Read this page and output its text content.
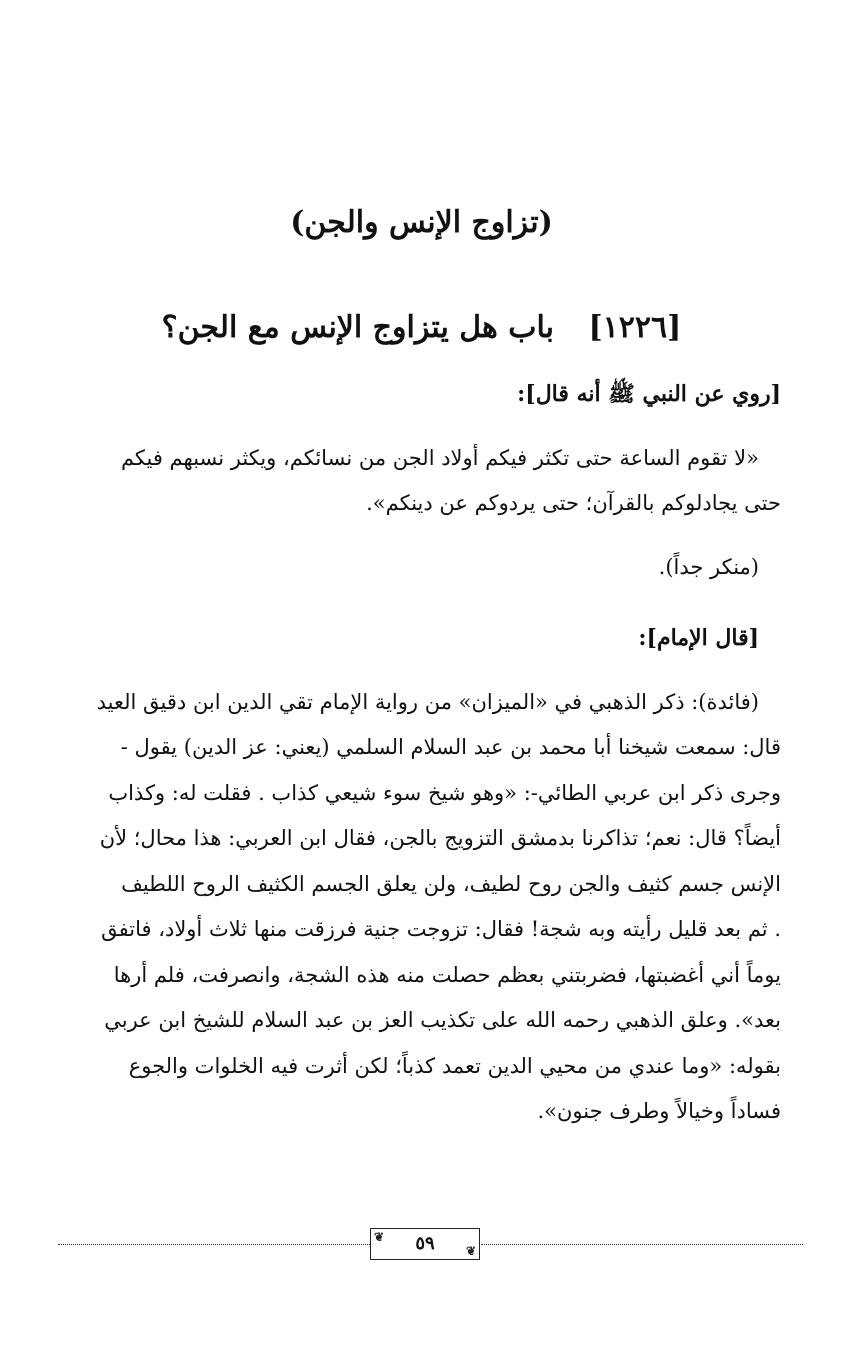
(تزاوج الإنس والجن)
[١٢٢٦] باب هل يتزاوج الإنس مع الجن؟
[روي عن النبي ﷺ أنه قال]:
«لا تقوم الساعة حتى تكثر فيكم أولاد الجن من نسائكم، ويكثر نسبهم فيكم
حتى يجادلوكم بالقرآن؛ حتى يردوكم عن دينكم».
(منكر جداً).
[قال الإمام]:
(فائدة): ذكر الذهبي في «الميزان» من رواية الإمام تقي الدين ابن دقيق العيد
قال: سمعت شيخنا أبا محمد بن عبد السلام السلمي (يعني: عز الدين) يقول -
وجرى ذكر ابن عربي الطائي-: «وهو شيخ سوء شيعي كذاب . فقلت له: وكذاب
أيضاً؟ قال: نعم؛ تذاكرنا بدمشق التزويج بالجن، فقال ابن العربي: هذا محال؛ لأن
الإنس جسم كثيف والجن روح لطيف، ولن يعلق الجسم الكثيف الروح اللطيف
. ثم بعد قليل رأيته وبه شجة! فقال: تزوجت جنية فرزقت منها ثلاث أولاد، فاتفق
يوماً أني أغضبتها، فضربتني بعظم حصلت منه هذه الشجة، وانصرفت، فلم أرها
بعد». وعلق الذهبي رحمه الله على تكذيب العز بن عبد السلام للشيخ ابن عربي
بقوله: «وما عندي من محيي الدين تعمد كذباً؛ لكن أثرت فيه الخلوات والجوع
فساداً وخيالاً وطرف جنون».
❦ ٥٩	❦
